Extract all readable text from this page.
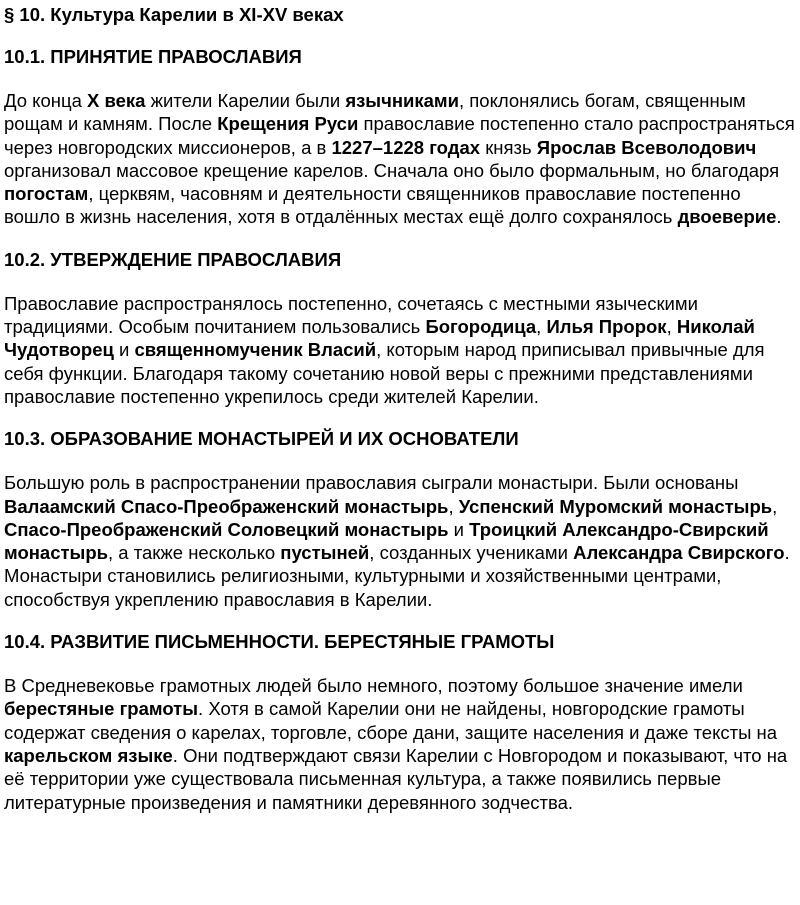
§ 10. Культура Карелии в XI-XV веках
10.1. ПРИНЯТИЕ ПРАВОСЛАВИЯ

До конца X века жители Карелии были язычниками, поклонялись богам, священным рощам и камням. После Крещения Руси православие постепенно стало распространяться через новгородских миссионеров, а в 1227–1228 годах князь Ярослав Всеволодович организовал массовое крещение карелов. Сначала оно было формальным, но благодаря погостам, церквям, часовням и деятельности священников православие постепенно вошло в жизнь населения, хотя в отдалённых местах ещё долго сохранялось двоеверие.

10.2. УТВЕРЖДЕНИЕ ПРАВОСЛАВИЯ

Православие распространялось постепенно, сочетаясь с местными языческими традициями. Особым почитанием пользовались Богородица, Илья Пророк, Николай Чудотворец и священномученик Власий, которым народ приписывал привычные для себя функции. Благодаря такому сочетанию новой веры с прежними представлениями православие постепенно укрепилось среди жителей Карелии.

10.3. ОБРАЗОВАНИЕ МОНАСТЫРЕЙ И ИХ ОСНОВАТЕЛИ

Большую роль в распространении православия сыграли монастыри. Были основаны Валаамский Спасо-Преображенский монастырь, Успенский Муромский монастырь, Спасо-Преображенский Соловецкий монастырь и Троицкий Александро-Свирский монастырь, а также несколько пустыней, созданных учениками Александра Свирского. Монастыри становились религиозными, культурными и хозяйственными центрами, способствуя укреплению православия в Карелии.

10.4. РАЗВИТИЕ ПИСЬМЕННОСТИ. БЕРЕСТЯНЫЕ ГРАМОТЫ

В Средневековье грамотных людей было немного, поэтому большое значение имели берестяные грамоты. Хотя в самой Карелии они не найдены, новгородские грамоты содержат сведения о карелах, торговле, сборе дани, защите населения и даже тексты на карельском языке. Они подтверждают связи Карелии с Новгородом и показывают, что на её территории уже существовала письменная культура, а также появились первые литературные произведения и памятники деревянного зодчества.
